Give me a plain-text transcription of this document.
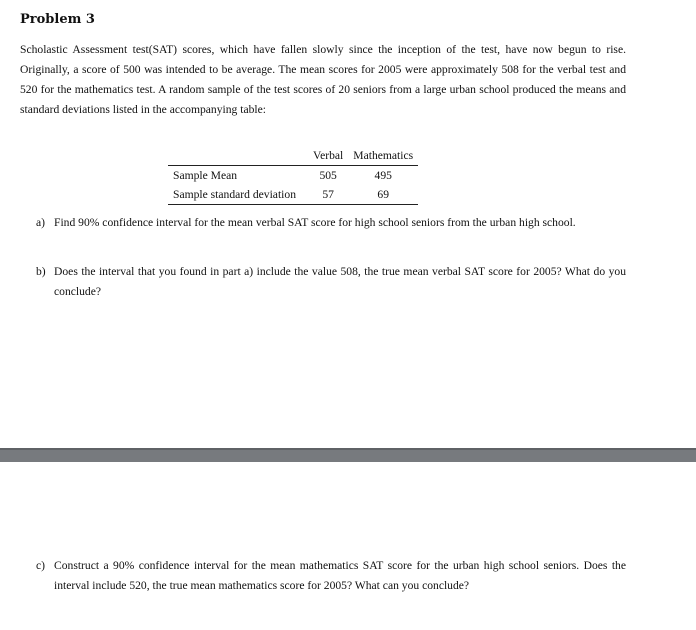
Problem 3
Scholastic Assessment test(SAT) scores, which have fallen slowly since the inception of the test, have now begun to rise. Originally, a score of 500 was intended to be average. The mean scores for 2005 were approximately 508 for the verbal test and 520 for the mathematics test. A random sample of the test scores of 20 seniors from a large urban school produced the means and standard deviations listed in the accompanying table:
	Verbal	Mathematics
Sample Mean	505	495
Sample standard deviation	57	69
a) Find 90% confidence interval for the mean verbal SAT score for high school seniors from the urban high school.
b) Does the interval that you found in part a) include the value 508, the true mean verbal SAT score for 2005? What do you conclude?
c) Construct a 90% confidence interval for the mean mathematics SAT score for the urban high school seniors. Does the interval include 520, the true mean mathematics score for 2005? What can you conclude?
